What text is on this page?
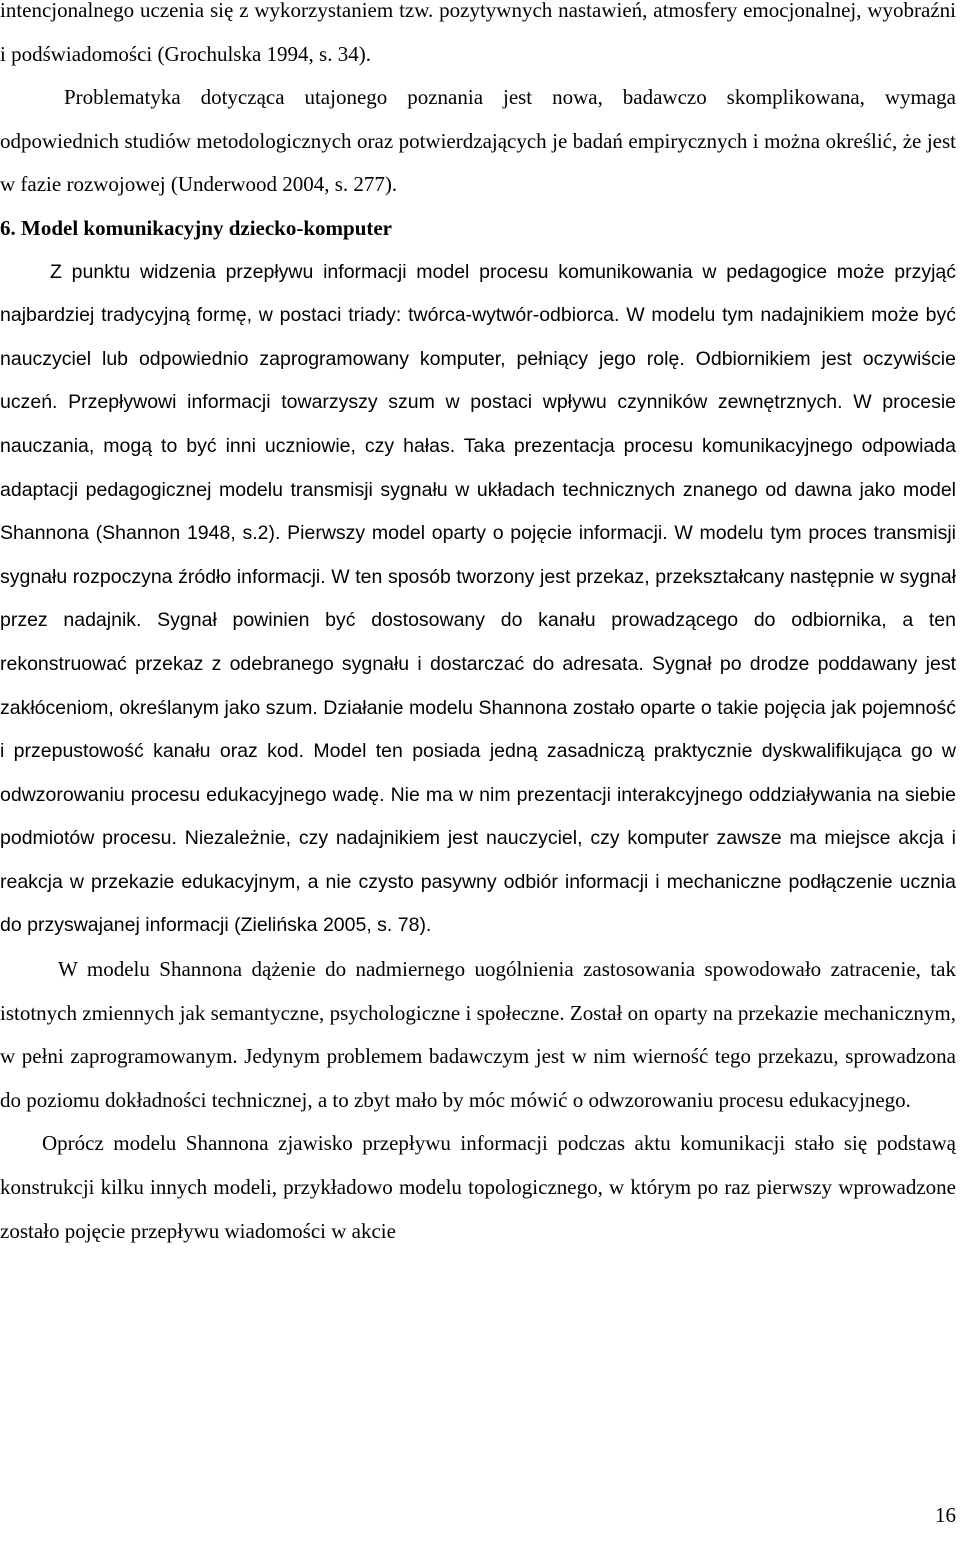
intencjonalnego uczenia się z wykorzystaniem tzw. pozytywnych nastawień, atmosfery emocjonalnej, wyobraźni i podświadomości (Grochulska 1994, s. 34).

Problematyka dotycząca utajonego poznania jest nowa, badawczo skomplikowana, wymaga odpowiednich studiów metodologicznych oraz potwierdzających je badań empirycznych i można określić, że jest w fazie rozwojowej (Underwood 2004, s. 277).

6. Model komunikacyjny dziecko-komputer

Z punktu widzenia przepływu informacji model procesu komunikowania w pedagogice może przyjąć najbardziej tradycyjną formę, w postaci triady: twórca-wytwór-odbiorca. W modelu tym nadajnikiem może być nauczyciel lub odpowiednio zaprogramowany komputer, pełniący jego rolę. Odbiornikiem jest oczywiście uczeń. Przepływowi informacji towarzyszy szum w postaci wpływu czynników zewnętrznych. W procesie nauczania, mogą to być inni uczniowie, czy hałas. Taka prezentacja procesu komunikacyjnego odpowiada adaptacji pedagogicznej modelu transmisji sygnału w układach technicznych znanego od dawna jako model Shannona (Shannon 1948, s.2). Pierwszy model oparty o pojęcie informacji. W modelu tym proces transmisji sygnału rozpoczyna źródło informacji. W ten sposób tworzony jest przekaz, przekształcany następnie w sygnał przez nadajnik. Sygnał powinien być dostosowany do kanału prowadzącego do odbiornika, a ten rekonstruować przekaz z odebranego sygnału i dostarczać do adresata. Sygnał po drodze poddawany jest zakłóceniom, określanym jako szum. Działanie modelu Shannona zostało oparte o takie pojęcia jak pojemność i przepustowość kanału oraz kod. Model ten posiada jedną zasadniczą praktycznie dyskwalifikująca go w odwzorowaniu procesu edukacyjnego wadę. Nie ma w nim prezentacji interakcyjnego oddziaływania na siebie podmiotów procesu. Niezależnie, czy nadajnikiem jest nauczyciel, czy komputer zawsze ma miejsce akcja i reakcja w przekazie edukacyjnym, a nie czysto pasywny odbiór informacji i mechaniczne podłączenie ucznia do przyswajanej informacji (Zielińska 2005, s. 78).

W modelu Shannona dążenie do nadmiernego uogólnienia zastosowania spowodowało zatracenie, tak istotnych zmiennych jak semantyczne, psychologiczne i społeczne. Został on oparty na przekazie mechanicznym, w pełni zaprogramowanym. Jedynym problemem badawczym jest w nim wierność tego przekazu, sprowadzona do poziomu dokładności technicznej, a to zbyt mało by móc mówić o odwzorowaniu procesu edukacyjnego.

Oprócz modelu Shannona zjawisko przepływu informacji podczas aktu komunikacji stało się podstawą konstrukcji kilku innych modeli, przykładowo modelu topologicznego, w którym po raz pierwszy wprowadzone zostało pojęcie przepływu wiadomości w akcie

16
